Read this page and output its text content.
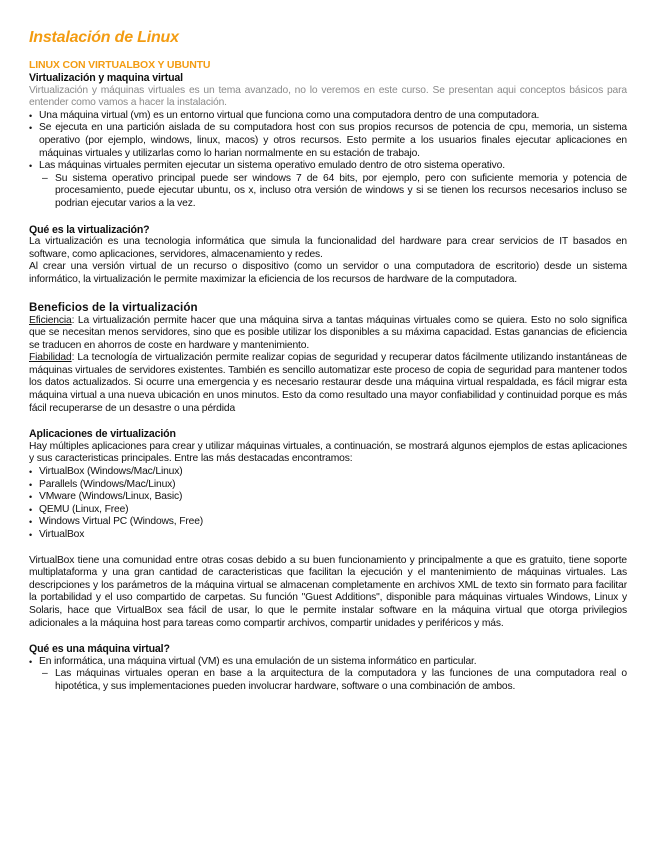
Instalación de Linux
LINUX CON VIRTUALBOX Y UBUNTU
Virtualización y maquina virtual

Virtualización y máquinas virtuales es un tema avanzado, no lo veremos en este curso. Se presentan aqui conceptos básicos para entender como vamos a hacer la instalación.

• Una máquina virtual (vm) es un entorno virtual que funciona como una computadora dentro de una computadora.
• Se ejecuta en una partición aislada de su computadora host con sus propios recursos de potencia de cpu, memoria, un sistema operativo (por ejemplo, windows, linux, macos) y otros recursos. Esto permite a los usuarios finales ejecutar aplicaciones en máquinas virtuales y utilizarlas como lo harian normalmente en su estación de trabajo.
• Las máquinas virtuales permiten ejecutar un sistema operativo emulado dentro de otro sistema operativo.
– Su sistema operativo principal puede ser windows 7 de 64 bits, por ejemplo, pero con suficiente memoria y potencia de procesamiento, puede ejecutar ubuntu, os x, incluso otra versión de windows y si se tienen los recursos necesarios incluso se podrian ejecutar varios a la vez.
Qué es la virtualización?

La virtualización es una tecnologia informática que simula la funcionalidad del hardware para crear servicios de IT basados en software, como aplicaciones, servidores, almacenamiento y redes.

Al crear una versión virtual de un recurso o dispositivo (como un servidor o una computadora de escritorio) desde un sistema informático, la virtualización le permite maximizar la eficiencia de los recursos de hardware de la computadora.

Beneficios de la virtualización

Eficiencia: La virtualización permite hacer que una máquina sirva a tantas máquinas virtuales como se quiera. Esto no solo significa que se necesitan menos servidores, sino que es posible utilizar los disponibles a su máxima capacidad. Estas ganancias de eficiencia se traducen en ahorros de coste en hardware y mantenimiento.

Fiabilidad: La tecnología de virtualización permite realizar copias de seguridad y recuperar datos fácilmente utilizando instantáneas de máquinas virtuales de servidores existentes. También es sencillo automatizar este proceso de copia de seguridad para mantener todos los datos actualizados. Si ocurre una emergencia y es necesario restaurar desde una máquina virtual respaldada, es fácil migrar esta máquina virtual a una nueva ubicación en unos minutos. Esto da como resultado una mayor confiabilidad y continuidad porque es más fácil recuperarse de un desastre o una pérdida

Aplicaciones de virtualización

Hay múltiples aplicaciones para crear y utilizar máquinas virtuales, a continuación, se mostrará algunos ejemplos de estas aplicaciones y sus caracteristicas principales. Entre las más destacadas encontramos:

• VirtualBox (Windows/Mac/Linux)
• Parallels (Windows/Mac/Linux)
• VMware (Windows/Linux, Basic)
• QEMU (Linux, Free)
• Windows Virtual PC (Windows, Free)
• VirtualBox

VirtualBox tiene una comunidad entre otras cosas debido a su buen funcionamiento y principalmente a que es gratuito, tiene soporte multiplataforma y una gran cantidad de caracteristicas que facilitan la ejecución y el mantenimiento de máquinas virtuales. Las descripciones y los parámetros de la máquina virtual se almacenan completamente en archivos XML de texto sin formato para facilitar la portabilidad y el uso compartido de carpetas. Su función "Guest Additions", disponible para máquinas virtuales Windows, Linux y Solaris, hace que VirtualBox sea fácil de usar, lo que le permite instalar software en la máquina virtual que otorga privilegios adicionales a la máquina host para tareas como compartir archivos, compartir unidades y periféricos y más.

Qué es una máquina virtual?
• En informática, una máquina virtual (VM) es una emulación de un sistema informático en particular.
– Las máquinas virtuales operan en base a la arquitectura de la computadora y las funciones de una computadora real o hipotética, y sus implementaciones pueden involucrar hardware, software o una combinación de ambos.
